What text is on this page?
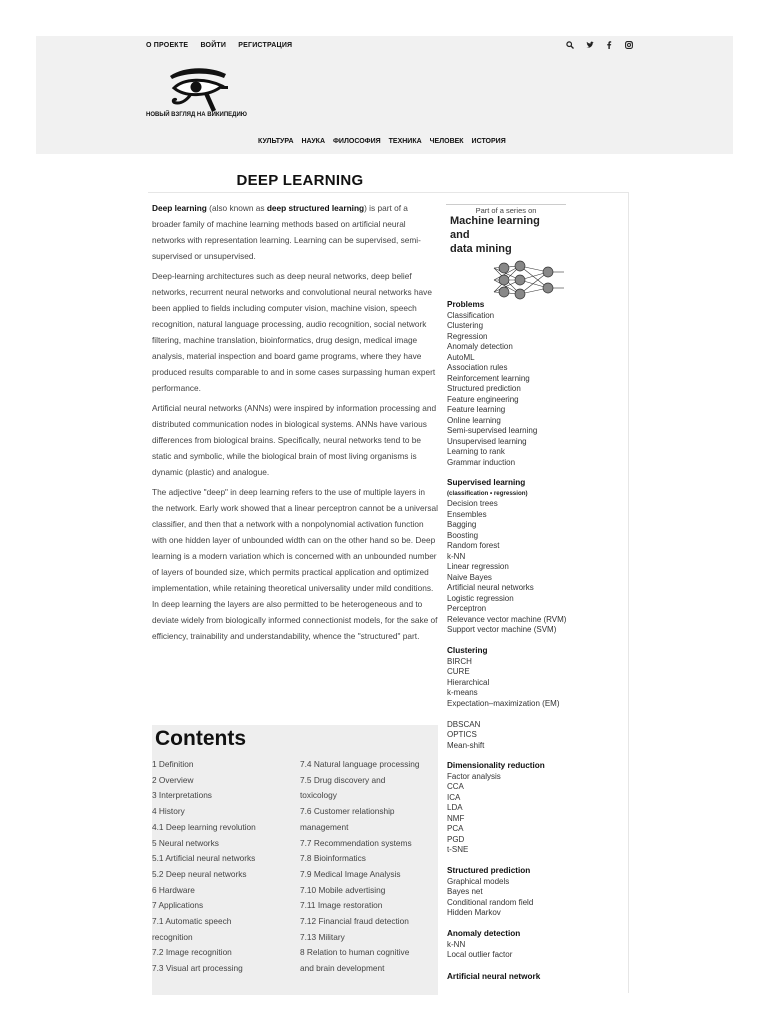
О ПРОЕКТЕ ВОЙТИ РЕГИСТРАЦИЯ

НОВЫЙ ВЗГЛЯД НА ВИКИПЕДИЮ
КУЛЬТУРА НАУКА ФИЛОСОФИЯ ТЕХНИКА ЧЕЛОВЕК ИСТОРИЯ
DEEP LEARNING

Deep learning (also known as deep structured learning) is part of a broader family of machine learning methods based on artificial neural networks with representation learning. Learning can be supervised, semi-supervised or unsupervised.

Deep-learning architectures such as deep neural networks, deep belief networks, recurrent neural networks and convolutional neural networks have been applied to fields including computer vision, machine vision, speech recognition, natural language processing, audio recognition, social network filtering, machine translation, bioinformatics, drug design, medical image analysis, material inspection and board game programs, where they have produced results comparable to and in some cases surpassing human expert performance.

Artificial neural networks (ANNs) were inspired by information processing and distributed communication nodes in biological systems. ANNs have various differences from biological brains. Specifically, neural networks tend to be static and symbolic, while the biological brain of most living organisms is dynamic (plastic) and analogue.

The adjective "deep" in deep learning refers to the use of multiple layers in the network. Early work showed that a linear perceptron cannot be a universal classifier, and then that a network with a nonpolynomial activation function with one hidden layer of unbounded width can on the other hand so be. Deep learning is a modern variation which is concerned with an unbounded number of layers of bounded size, which permits practical application and optimized implementation, while retaining theoretical universality under mild conditions. In deep learning the layers are also permitted to be heterogeneous and to deviate widely from biologically informed connectionist models, for the sake of efficiency, trainability and understandability, whence the "structured" part.

Contents
1 Definition
2 Overview
3 Interpretations
4 History
4.1 Deep learning revolution
5 Neural networks
5.1 Artificial neural networks
5.2 Deep neural networks
6 Hardware
7 Applications
7.1 Automatic speech
recognition
7.2 Image recognition
7.3 Visual art processing
7.4 Natural language processing
7.5 Drug discovery and
toxicology
7.6 Customer relationship
management
7.7 Recommendation systems
7.8 Bioinformatics
7.9 Medical Image Analysis
7.10 Mobile advertising
7.11 Image restoration
7.12 Financial fraud detection
7.13 Military
8 Relation to human cognitive
and brain development
Part of a series on
Machine learning
and
data mining
Problems
Classification
Clustering
Regression
Anomaly detection
AutoML
Association rules
Reinforcement learning
Structured prediction
Feature engineering
Feature learning
Online learning
Semi-supervised learning
Unsupervised learning
Learning to rank
Grammar induction
Supervised learning
(classification • regression)
Decision trees
Ensembles
Bagging
Boosting
Random forest
k-NN
Linear regression
Naive Bayes
Artificial neural networks
Logistic regression
Perceptron
Relevance vector machine (RVM)
Support vector machine (SVM)
Clustering
BIRCH
CURE
Hierarchical
k-means
Expectation–maximization (EM)
DBSCAN
OPTICS
Mean-shift
Dimensionality reduction
Factor analysis
CCA
ICA
LDA
NMF
PCA
PGD
t-SNE
Structured prediction
Graphical models
Bayes net
Conditional random field
Hidden Markov
Anomaly detection
k-NN
Local outlier factor
Artificial neural network
